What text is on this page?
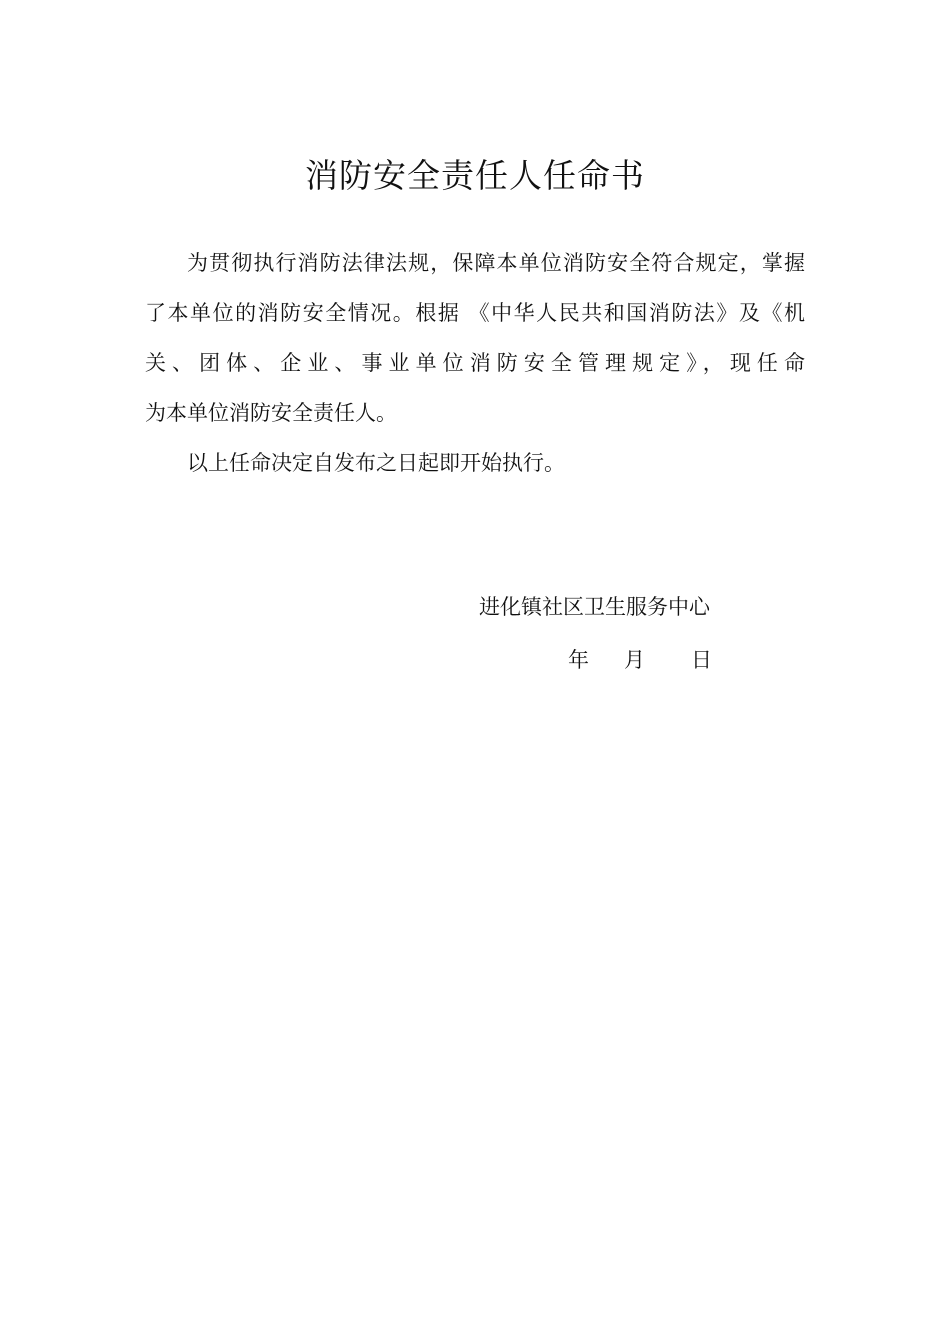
消防安全责任人任命书
为贯彻执行消防法律法规，保障本单位消防安全符合规定，掌握
了本单位的消防安全情况。根据 《中华人民共和国消防法》及《机
关、团体、企业、事业单位消防安全管理规定》，现任命
为本单位消防安全责任人。
以上任命决定自发布之日起即开始执行。
进化镇社区卫生服务中心
年 月 日
